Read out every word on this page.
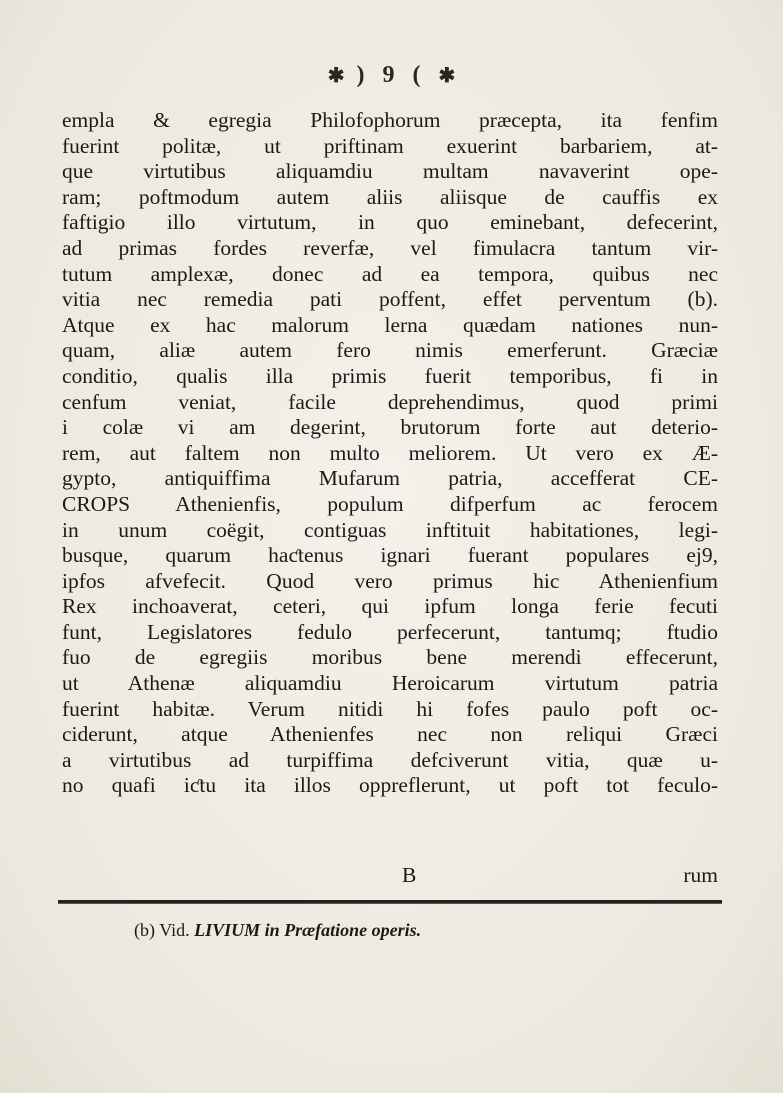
✱ ) 9 ( ✱
empla & egregia Philofophorum præcepta, ita fenfim
fuerint politæ, ut priftinam exuerint barbariem, at-
que virtutibus aliquamdiu multam navaverint ope-
ram; poftmodum autem aliis aliisque de cauffis ex
faftigio illo virtutum, in quo eminebant, defecerint,
ad primas fordes reverfæ, vel fimulacra tantum vir-
tutum amplexæ, donec ad ea tempora, quibus nec
vitia nec remedia pati poffent, effet perventum (b).
Atque ex hac malorum lerna quædam nationes nun-
quam, aliæ autem fero nimis emerferunt. Græciæ
conditio, qualis illa primis fuerit temporibus, fi in
cenfum veniat, facile deprehendimus, quod primi
i colæ vi am degerint, brutorum forte aut deterio-
rem, aut faltem non multo meliorem. Ut vero ex Æ-
gypto, antiquiffima Mufarum patria, accefferat CE-
CROPS Athenienfis, populum difperfum ac ferocem
in unum coëgit, contiguas inftituit habitationes, legi-
busque, quarum haƈtenus ignari fuerant populares ej9,
ipfos afvefecit. Quod vero primus hic Athenienfium
Rex inchoaverat, ceteri, qui ipfum longa ferie fecuti
funt, Legislatores fedulo perfecerunt, tantumq; ftudio
fuo de egregiis moribus bene merendi effecerunt,
ut Athenæ aliquamdiu Heroicarum virtutum patria
fuerint habitæ. Verum nitidi hi fofes paulo poft oc-
ciderunt, atque Athenienfes nec non reliqui Græci
a virtutibus ad turpiffima defciverunt vitia, quæ u-
no quafi iƈtu ita illos oppreflerunt, ut poft tot feculo-
B	rum
(b) Vid. LIVIUM in Præfatione operis.
